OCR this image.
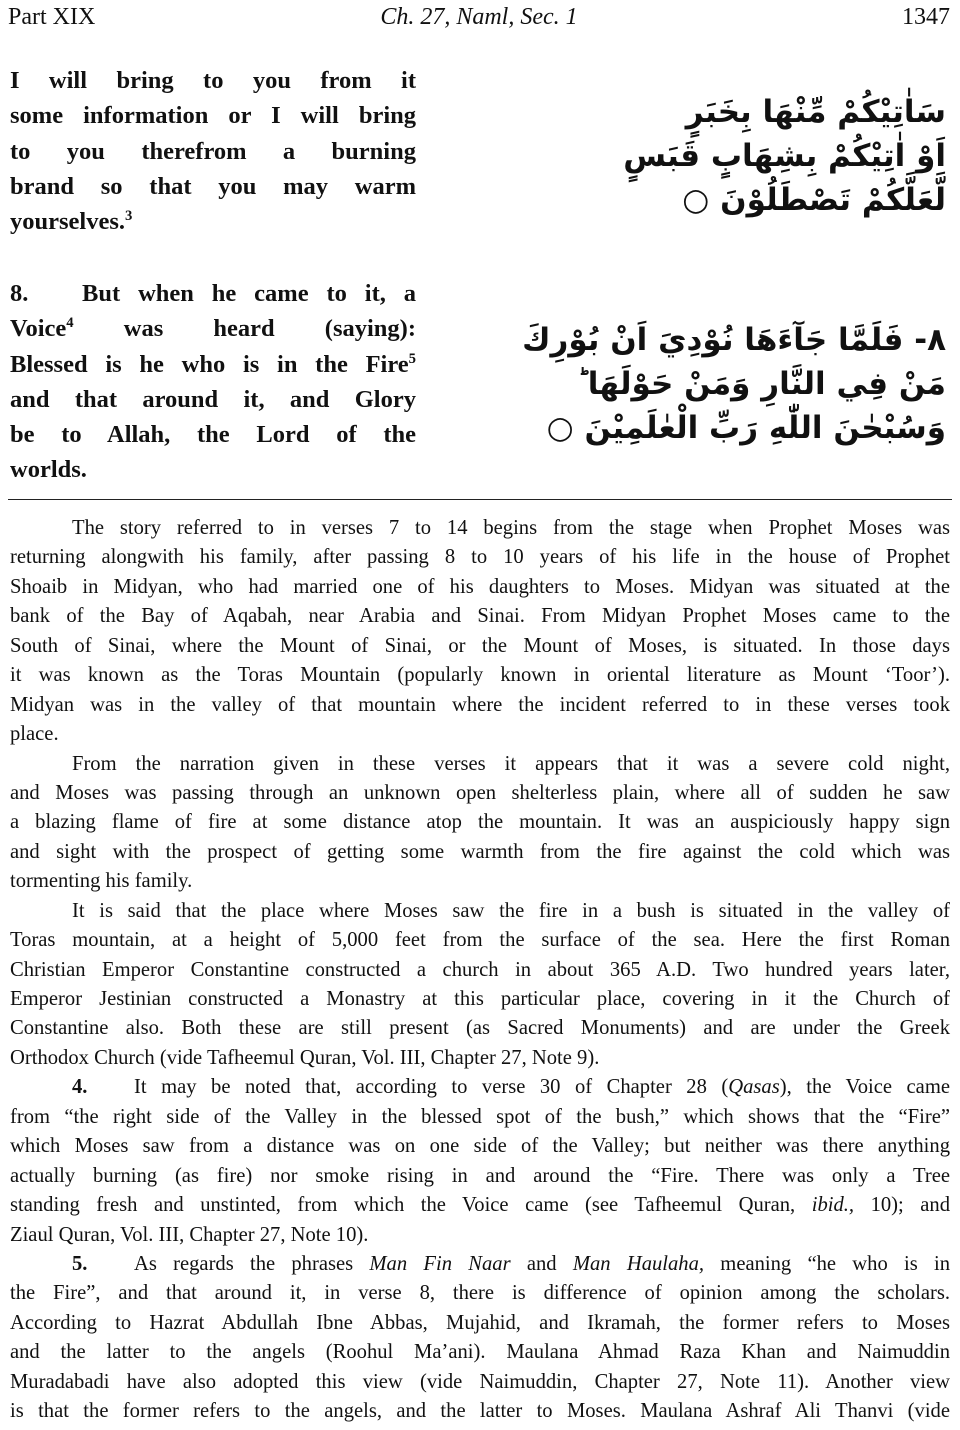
Part XIX	Ch. 27, Naml, Sec. 1	1347
I will bring to you from it
some information or I will bring
to you therefrom a burning
brand so that you may warm
yourselves.$^3$
سَاٰتِيْكُمْ مِّنْهَا بِخَبَرٍ
اَوْ اٰتِيْكُمْ بِشِهَابٍ قَبَسٍ
لَّعَلَّكُمْ تَصْطَلُوْنَ ○
8.   But when he came to it, a
Voice$^4$ was heard (saying):
Blessed is he who is in the Fire$^5$
and that around it, and Glory
be to Allah, the Lord of the
worlds.
٨- فَلَمَّا جَآءَهَا نُوْدِيَ اَنْ بُوْرِكَ
مَنْ فِي النَّارِ وَمَنْ حَوْلَهَا ؕ
وَسُبْحٰنَ اللّٰهِ رَبِّ الْعٰلَمِيْنَ ○
The story referred to in verses 7 to 14 begins from the stage when Prophet Moses was
returning alongwith his family, after passing 8 to 10 years of his life in the house of Prophet
Shoaib in Midyan, who had married one of his daughters to Moses. Midyan was situated at the
bank of the Bay of Aqabah, near Arabia and Sinai. From Midyan Prophet Moses came to the
South of Sinai, where the Mount of Sinai, or the Mount of Moses, is situated. In those days
it was known as the Toras Mountain (popularly known in oriental literature as Mount ‘Toor’).
Midyan was in the valley of that mountain where the incident referred to in these verses took
place.
From the narration given in these verses it appears that it was a severe cold night,
and Moses was passing through an unknown open shelterless plain, where all of sudden he saw
a blazing flame of fire at some distance atop the mountain. It was an auspiciously happy sign
and sight with the prospect of getting some warmth from the fire against the cold which was
tormenting his family.
It is said that the place where Moses saw the fire in a bush is situated in the valley of
Toras mountain, at a height of 5,000 feet from the surface of the sea. Here the first Roman
Christian Emperor Constantine constructed a church in about 365 A.D. Two hundred years later,
Emperor Jestinian constructed a Monastry at this particular place, covering in it the Church of
Constantine also. Both these are still present (as Sacred Monuments) and are under the Greek
Orthodox Church (vide Tafheemul Quran, Vol. III, Chapter 27, Note 9).
4. It may be noted that, according to verse 30 of Chapter 28 (Qasas), the Voice came
from “the right side of the Valley in the blessed spot of the bush,” which shows that the “Fire”
which Moses saw from a distance was on one side of the Valley; but neither was there anything
actually burning (as fire) nor smoke rising in and around the “Fire. There was only a Tree
standing fresh and unstinted, from which the Voice came (see Tafheemul Quran, ibid., 10); and
Ziaul Quran, Vol. III, Chapter 27, Note 10).
5. As regards the phrases Man Fin Naar and Man Haulaha, meaning “he who is in
the Fire”, and that around it, in verse 8, there is difference of opinion among the scholars.
According to Hazrat Abdullah Ibne Abbas, Mujahid, and Ikramah, the former refers to Moses
and the latter to the angels (Roohul Ma’ani). Maulana Ahmad Raza Khan and Naimuddin
Muradabadi have also adopted this view (vide Naimuddin, Chapter 27, Note 11). Another view
is that the former refers to the angels, and the latter to Moses. Maulana Ashraf Ali Thanvi (vide
